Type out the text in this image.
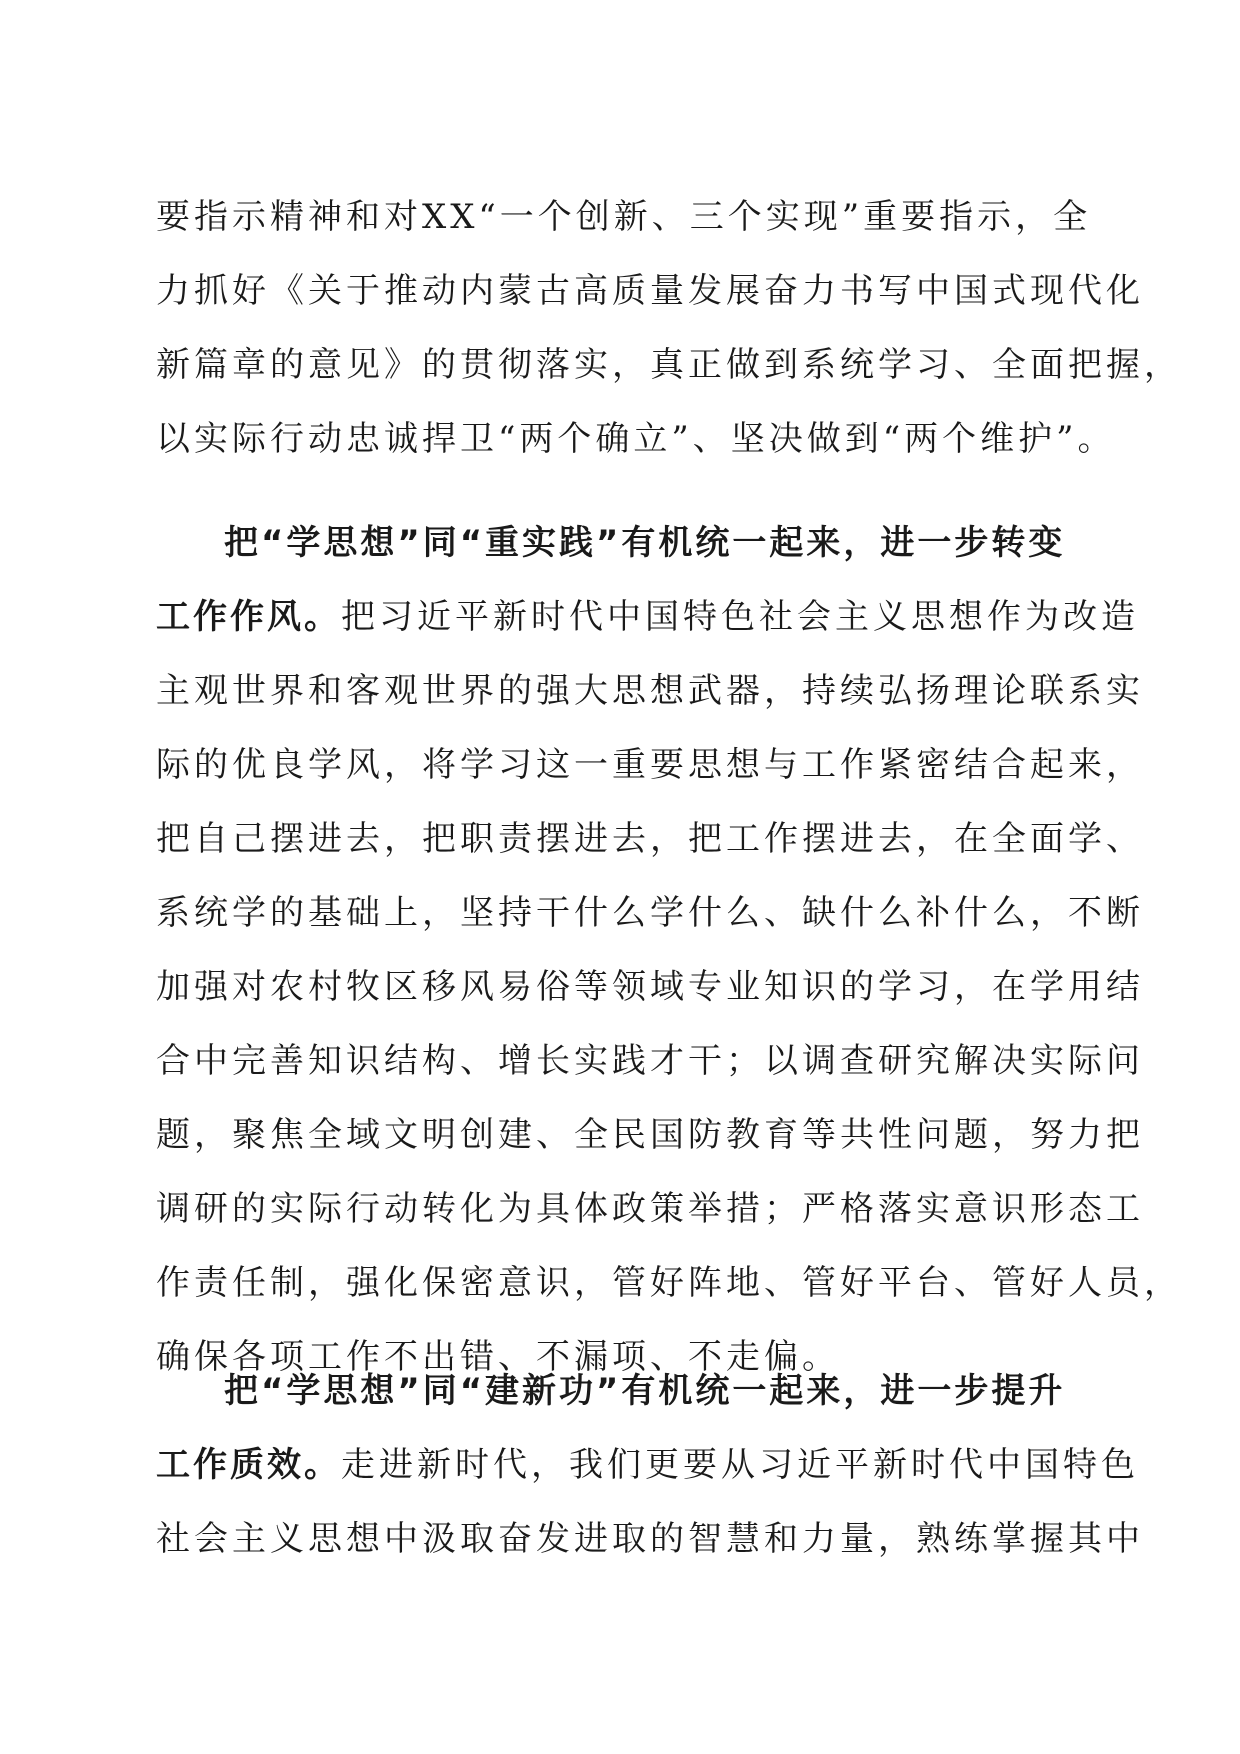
要指示精神和对XX“一个创新、三个实现”重要指示，全
力抓好《关于推动内蒙古高质量发展奋力书写中国式现代化
新篇章的意见》的贯彻落实，真正做到系统学习、全面把握，
以实际行动忠诚捍卫“两个确立”、坚决做到“两个维护”。
把“学思想”同“重实践”有机统一起来，进一步转变
工作作风。把习近平新时代中国特色社会主义思想作为改造
主观世界和客观世界的强大思想武器，持续弘扬理论联系实
际的优良学风，将学习这一重要思想与工作紧密结合起来，
把自己摆进去，把职责摆进去，把工作摆进去，在全面学、
系统学的基础上，坚持干什么学什么、缺什么补什么，不断
加强对农村牧区移风易俗等领域专业知识的学习，在学用结
合中完善知识结构、增长实践才干；以调查研究解决实际问
题，聚焦全域文明创建、全民国防教育等共性问题，努力把
调研的实际行动转化为具体政策举措；严格落实意识形态工
作责任制，强化保密意识，管好阵地、管好平台、管好人员，
确保各项工作不出错、不漏项、不走偏。
把“学思想”同“建新功”有机统一起来，进一步提升
工作质效。走进新时代，我们更要从习近平新时代中国特色
社会主义思想中汲取奋发进取的智慧和力量，熟练掌握其中
